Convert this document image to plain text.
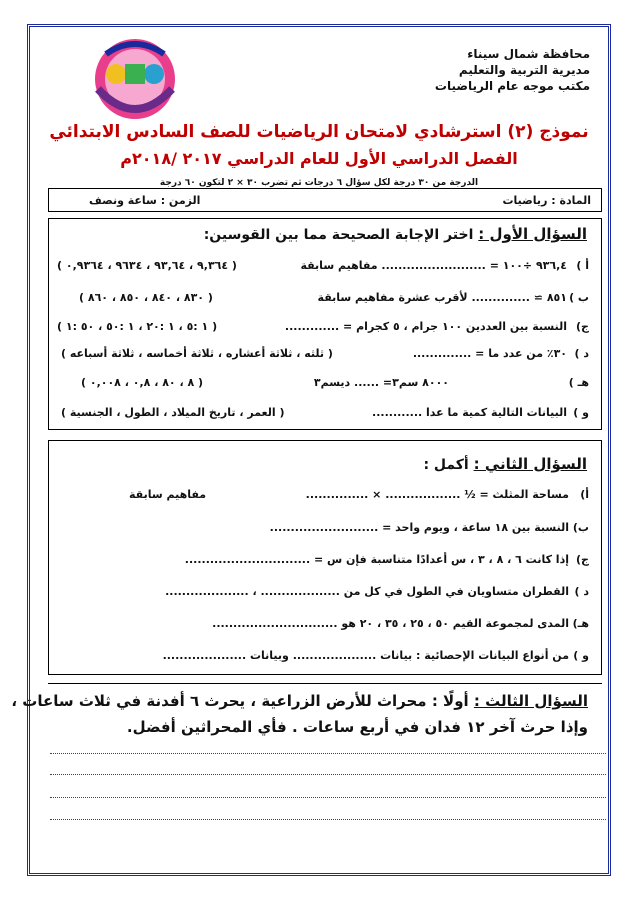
محافظة شمال سيناء
مديرية التربية والتعليم
مكتب موجه عام الرياضيات
نموذج (٢) استرشادي لامتحان الرياضيات للصف السادس الابتدائي
الفصل الدراسي الأول للعام الدراسي ٢٠١٧ /٢٠١٨م
الدرجة من ٣٠ درجة لكل سؤال ٦ درجات ثم تضرب ٣٠ × ٢ لتكون ٦٠ درجة
المادة : رياضيات
الزمن : ساعة ونصف
السؤال الأول : اختر الإجابة الصحيحة مما بين القوسين:
أ )
٩٣٦,٤ ÷١٠٠ = ......................... مفاهيم سابقة
( ٩,٣٦٤ ، ٩٣,٦٤ ، ٩٦٣٤ ، ٠,٩٣٦٤ )
ب )
٨٥١ ≃ .............. لأقرب عشرة مفاهيم سابقة
( ٨٣٠ ، ٨٤٠ ، ٨٥٠ ، ٨٦٠ )
ج)
النسبة بين العددين ١٠٠ جرام ، ٥ كجرام = .............
( ١ :٥ ، ١ :٢٠ ، ١ :٥٠ ، ٥٠ :١ )
د )
٣٠٪ من عدد ما = ..............
( ثلثه ، ثلاثة أعشاره ، ثلاثة أخماسه ، ثلاثة أسباعه )
هـ )
٨٠٠٠ سم٣= ...... ديسم٣
( ٨ ، ٨٠ ، ٠,٨ ، ٠,٠٠٨ )
و )
البيانات التالية كمية ما عدا ............
( العمر ، تاريخ الميلاد ، الطول ، الجنسية )
السؤال الثاني : أكمل :
أ)
مساحة المثلث = ½ .................. × ...............
مفاهيم سابقة
ب)
النسبة بين ١٨ ساعة ، ويوم واحد = ..........................
ج)
إذا كانت ٦ ، ٨ ، ٣ ، س أعدادًا متناسبة فإن س = ..............................
د )
القطران متساويان في الطول في كل من ................... ، ....................
هـ)
المدى لمجموعة القيم ٥٠ ، ٢٥ ، ٣٥ ، ٢٠ هو ..............................
و )
من أنواع البيانات الإحصائية : بيانات .................... وبيانات ....................
السؤال الثالث : أولًا : محراث للأرض الزراعية ، يحرث ٦ أفدنة في ثلاث ساعات ،
وإذا حرث آخر ١٢ فدان في أربع ساعات . فأي المحراثين أفضل.
